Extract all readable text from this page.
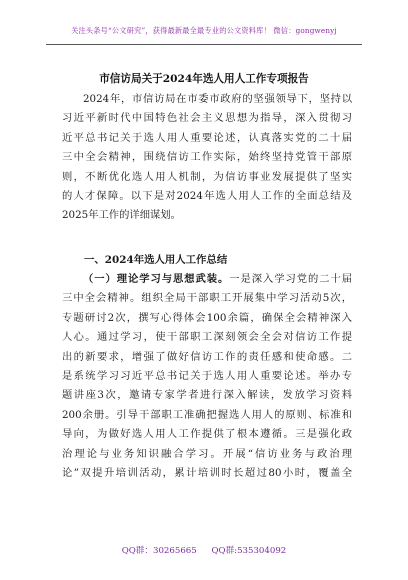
关注头条号“公文研究”，获得最新最全最专业的公文资料库！ 微信：gongwenyj
市信访局关于2024年选人用人工作专项报告
2024年，市信访局在市委市政府的坚强领导下，坚持以
习近平新时代中国特色社会主义思想为指导，深入贯彻习
近平总书记关于选人用人重要论述，认真落实党的二十届
三中全会精神，围绕信访工作实际，始终坚持党管干部原
则，不断优化选人用人机制，为信访事业发展提供了坚实
的人才保障。以下是对2024年选人用人工作的全面总结及
2025年工作的详细谋划。
一、2024年选人用人工作总结
（一）理论学习与思想武装。一是深入学习党的二十届
三中全会精神。组织全局干部职工开展集中学习活动5次，
专题研讨2次，撰写心得体会100余篇，确保全会精神深入
人心。通过学习，使干部职工深刻领会全会对信访工作提
出的新要求，增强了做好信访工作的责任感和使命感。二
是系统学习习近平总书记关于选人用人重要论述。举办专
题讲座3次，邀请专家学者进行深入解读，发放学习资料
200余册。引导干部职工准确把握选人用人的原则、标准和
导向，为做好选人用人工作提供了根本遵循。三是强化政
治理论与业务知识融合学习。开展“信访业务与政治理
论”双提升培训活动，累计培训时长超过80小时，覆盖全
QQ群：30265665 QQ群:535304092
